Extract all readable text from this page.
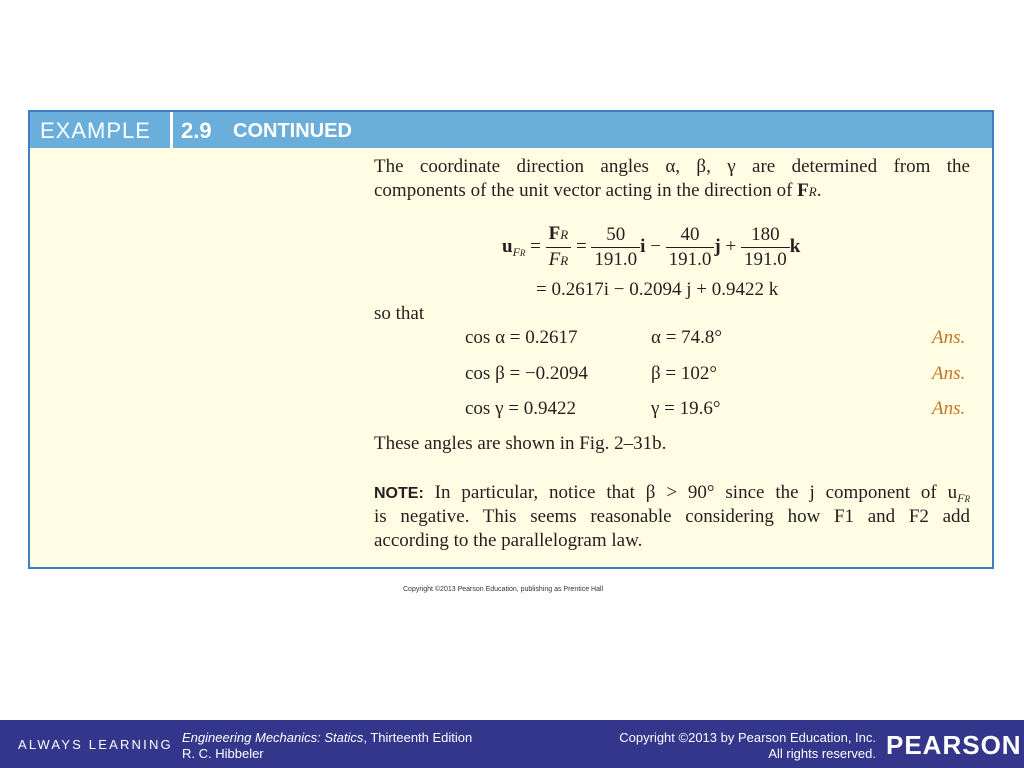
EXAMPLE 2.9 CONTINUED
The coordinate direction angles α, β, γ are determined from the
components of the unit vector acting in the direction of FR.
$u_{FR} = \frac{FR}{FR} = \frac{50}{191.0}$ $i - \frac{40}{191.0}$ $j + \frac{180}{191.0}$ k
= 0.2617i − 0.2094 j + 0.9422 k
so that
cos α = 0.2617	α = 74.8°	Ans.
cos β = −0.2094	β = 102°	Ans.
cos γ = 0.9422	γ = 19.6°	Ans.
These angles are shown in Fig. 2–31b.
NOTE: In particular, notice that β > 90° since the j component of $u_{FR}$
is negative. This seems reasonable considering how F1 and F2 add
according to the parallelogram law.
Copyright ©2013 Pearson Education, publishing as Prentice Hall
ALWAYS LEARNING Engineering Mechanics: Statics, Thirteenth Edition
R. C. Hibbeler
Copyright ©2013 by Pearson Education, Inc.
All rights reserved. PEARSON
